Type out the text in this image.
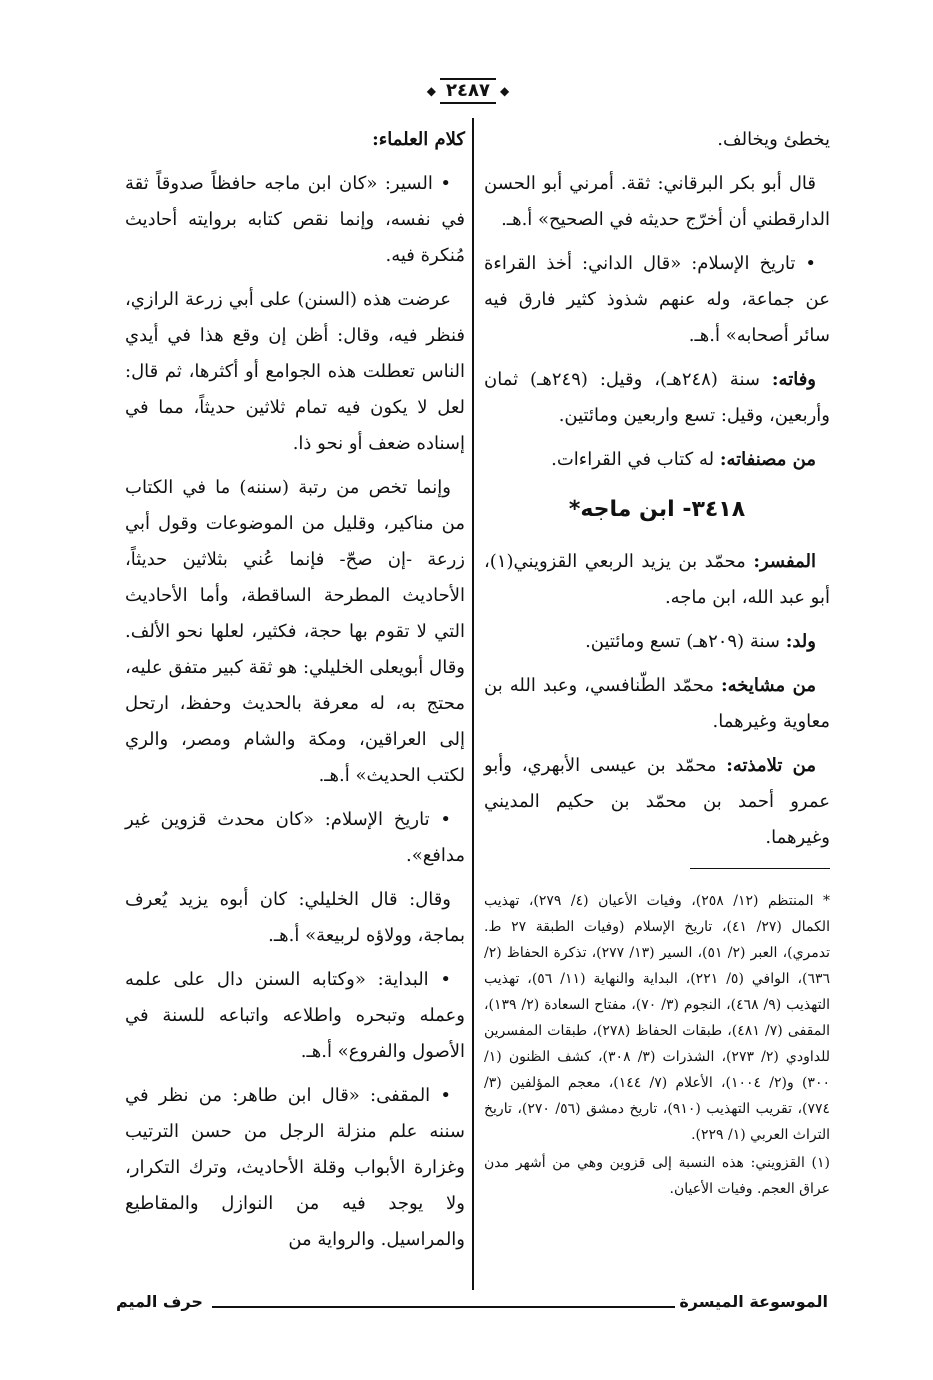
◆ ٢٤٨٧ ◆

يخطئ ويخالف.

قال أبو بكر البرقاني: ثقة. أمرني أبو الحسن الدارقطني أن أخرّج حديثه في الصحيح» أ.هـ.

• تاريخ الإسلام: «قال الداني: أخذ القراءة عن جماعة، وله عنهم شذوذ كثير فارق فيه سائر أصحابه» أ.هـ.

وفاته: سنة (٢٤٨هـ)، وقيل: (٢٤٩هـ) ثمان وأربعين، وقيل: تسع واربعين ومائتين.

من مصنفاته: له كتاب في القراءات.

٣٤١٨- ابن ماجه*

المفسر: محمّد بن يزيد الربعي القزويني(١)، أبو عبد الله، ابن ماجه.

ولد: سنة (٢٠٩هـ) تسع ومائتين.

من مشايخه: محمّد الطّنافسي، وعبد الله بن معاوية وغيرهما.

من تلامذته: محمّد بن عيسى الأبهري، وأبو عمرو أحمد بن محمّد بن حكيم المديني وغيرهما.

* المنتظم (١٢/ ٢٥٨)، وفيات الأعيان (٤/ ٢٧٩)، تهذيب الكمال (٢٧/ ٤١)، تاريخ الإسلام (وفيات الطبقة ٢٧ ط. تدمري)، العبر (٢/ ٥١)، السير (١٣/ ٢٧٧)، تذكرة الحفاظ (٢/ ٦٣٦)، الوافي (٥/ ٢٢١)، البداية والنهاية (١١/ ٥٦)، تهذيب التهذيب (٩/ ٤٦٨)، النجوم (٣/ ٧٠)، مفتاح السعادة (٢/ ١٣٩)، المقفى (٧/ ٤٨١)، طبقات الحفاظ (٢٧٨)، طبقات المفسرين للداودي (٢/ ٢٧٣)، الشذرات (٣/ ٣٠٨)، كشف الظنون (١/ ٣٠٠) و(٢/ ١٠٠٤)، الأعلام (٧/ ١٤٤)، معجم المؤلفين (٣/ ٧٧٤)، تقريب التهذيب (٩١٠)، تاريخ دمشق (٥٦/ ٢٧٠)، تاريخ التراث العربي (١/ ٢٢٩).

(١) القزويني: هذه النسبة إلى قزوين وهي من أشهر مدن عراق العجم. وفيات الأعيان.

كلام العلماء:

• السير: «كان ابن ماجه حافظاً صدوقاً ثقة في نفسه، وإنما نقص كتابه بروايته أحاديث مُنكرة فيه.

عرضت هذه (السنن) على أبي زرعة الرازي، فنظر فيه، وقال: أظن إن وقع هذا في أيدي الناس تعطلت هذه الجوامع أو أكثرها، ثم قال: لعل لا يكون فيه تمام ثلاثين حديثاً، مما في إسناده ضعف أو نحو ذا.

وإنما تخص من رتبة (سننه) ما في الكتاب من مناكير، وقليل من الموضوعات وقول أبي زرعة -إن صحّ- فإنما عُني بثلاثين حديثاً، الأحاديث المطرحة الساقطة، وأما الأحاديث التي لا تقوم بها حجة، فكثير، لعلها نحو الألف. وقال أبويعلى الخليلي: هو ثقة كبير متفق عليه، محتج به، له معرفة بالحديث وحفظ، ارتحل إلى العراقين، ومكة والشام ومصر، والري لكتب الحديث» أ.هـ.

• تاريخ الإسلام: «كان محدث قزوين غير مدافع».

وقال: قال الخليلي: كان أبوه يزيد يُعرف بماجة، وولاؤه لربيعة» أ.هـ.

• البداية: «وكتابه السنن دال على علمه وعمله وتبحره واطلاعه واتباعه للسنة في الأصول والفروع» أ.هـ.

• المقفى: «قال ابن طاهر: من نظر في سننه علم منزلة الرجل من حسن الترتيب وغزارة الأبواب وقلة الأحاديث، وترك التكرار، ولا يوجد فيه من النوازل والمقاطيع والمراسيل. والرواية من

الموسوعة الميسرة
حرف الميم
